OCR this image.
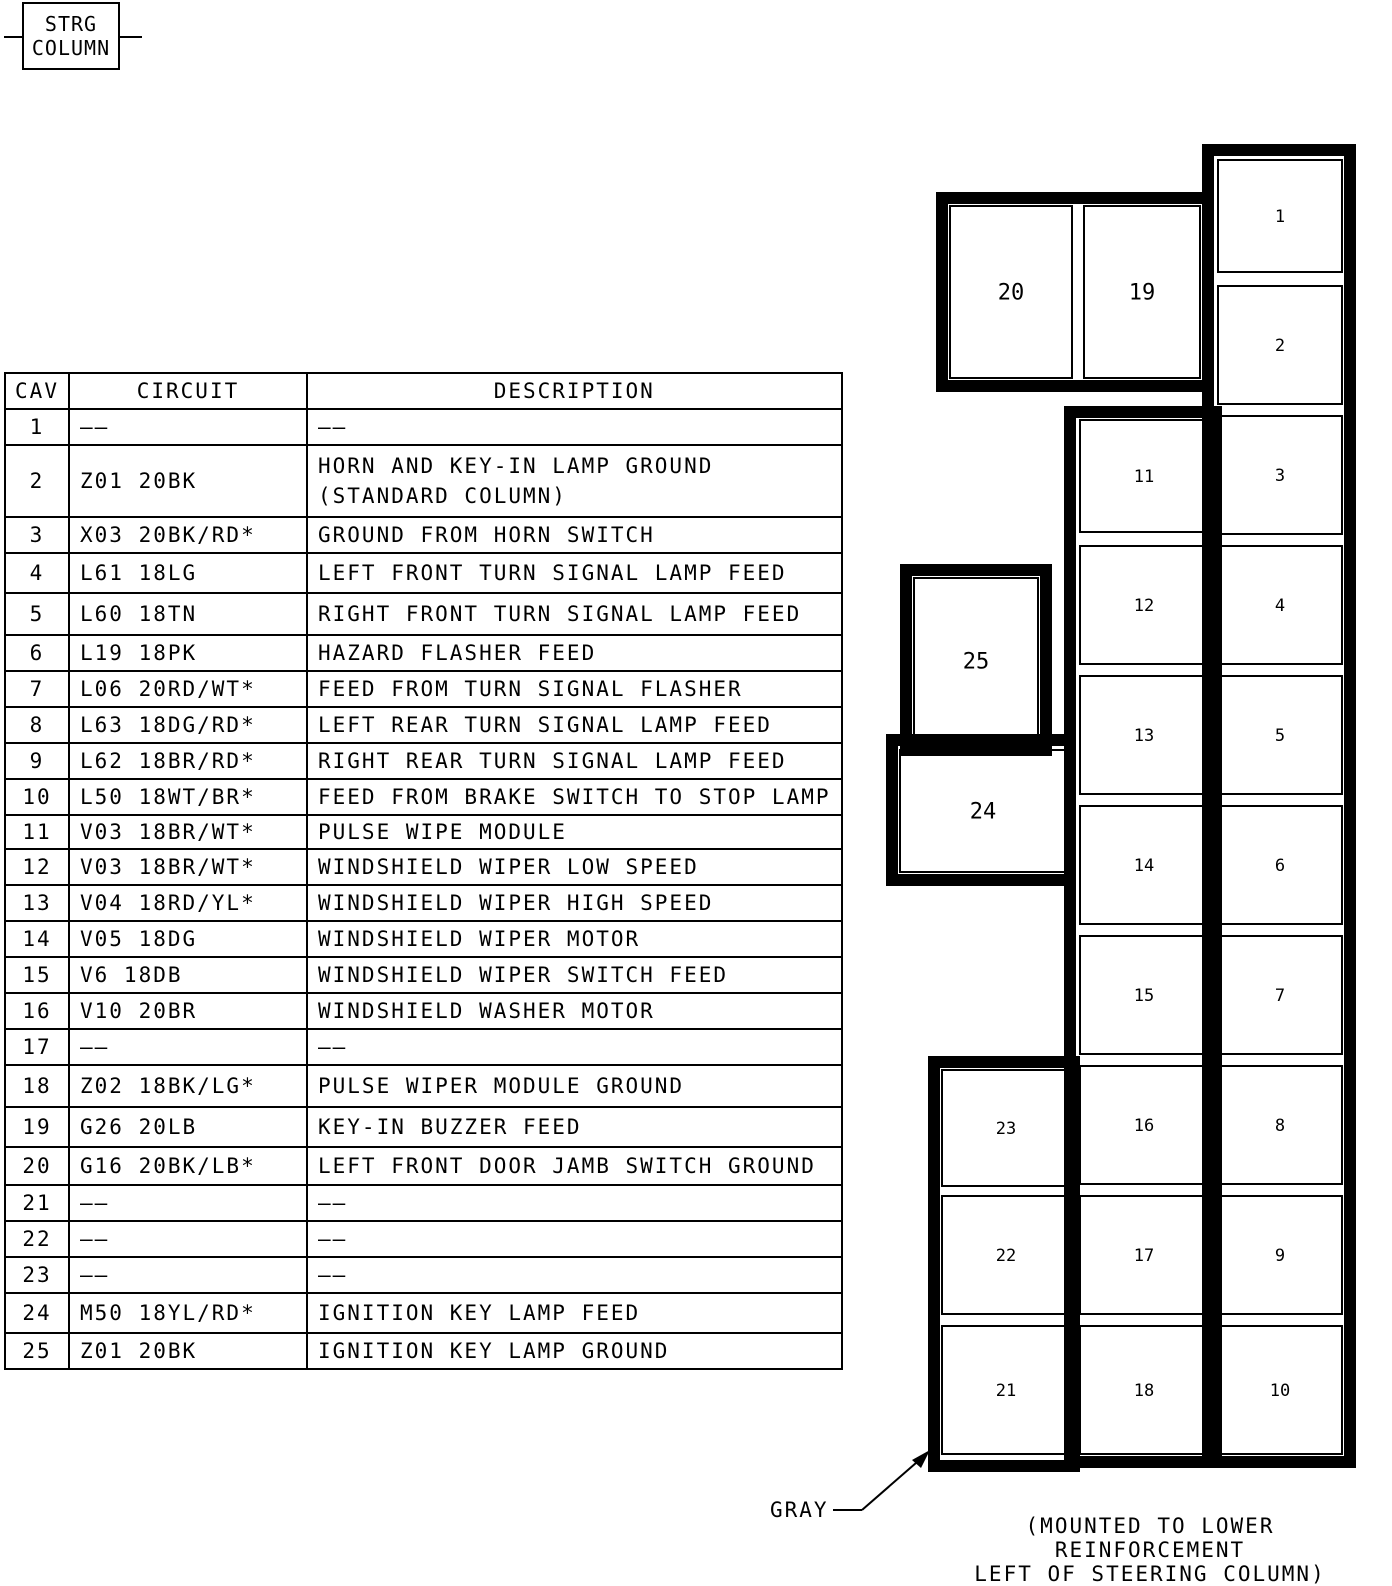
STRG
COLUMN
CAV	CIRCUIT	DESCRIPTION
1	——	——

2	Z01 20BK	HORN AND KEY-IN LAMP GROUND
(STANDARD COLUMN)

3	X03 20BK/RD*	GROUND FROM HORN SWITCH

4	L61 18LG	LEFT FRONT TURN SIGNAL LAMP FEED

5	L60 18TN	RIGHT FRONT TURN SIGNAL LAMP FEED

6	L19 18PK	HAZARD FLASHER FEED

7	L06 20RD/WT*	FEED FROM TURN SIGNAL FLASHER

8	L63 18DG/RD*	LEFT REAR TURN SIGNAL LAMP FEED

9	L62 18BR/RD*	RIGHT REAR TURN SIGNAL LAMP FEED

10	L50 18WT/BR*	FEED FROM BRAKE SWITCH TO STOP LAMP

11	V03 18BR/WT*	PULSE WIPE MODULE

12	V03 18BR/WT*	WINDSHIELD WIPER LOW SPEED

13	V04 18RD/YL*	WINDSHIELD WIPER HIGH SPEED

14	V05 18DG	WINDSHIELD WIPER MOTOR

15	V6 18DB	WINDSHIELD WIPER SWITCH FEED

16	V10 20BR	WINDSHIELD WASHER MOTOR

17	——	——

18	Z02 18BK/LG*	PULSE WIPER MODULE GROUND

19	G26 20LB	KEY-IN BUZZER FEED

20	G16 20BK/LB*	LEFT FRONT DOOR JAMB SWITCH GROUND

21	——	——

22	——	——

23	——	——

24	M50 18YL/RD*	IGNITION KEY LAMP FEED

25	Z01 20BK	IGNITION KEY LAMP GROUND
1
2
3
4
5
6
7
8
9
10
11
12
13
14
15
16
17
18
19
20
21
22
23
24
25
GRAY
(MOUNTED TO LOWER REINFORCEMENT
LEFT OF STEERING COLUMN)
